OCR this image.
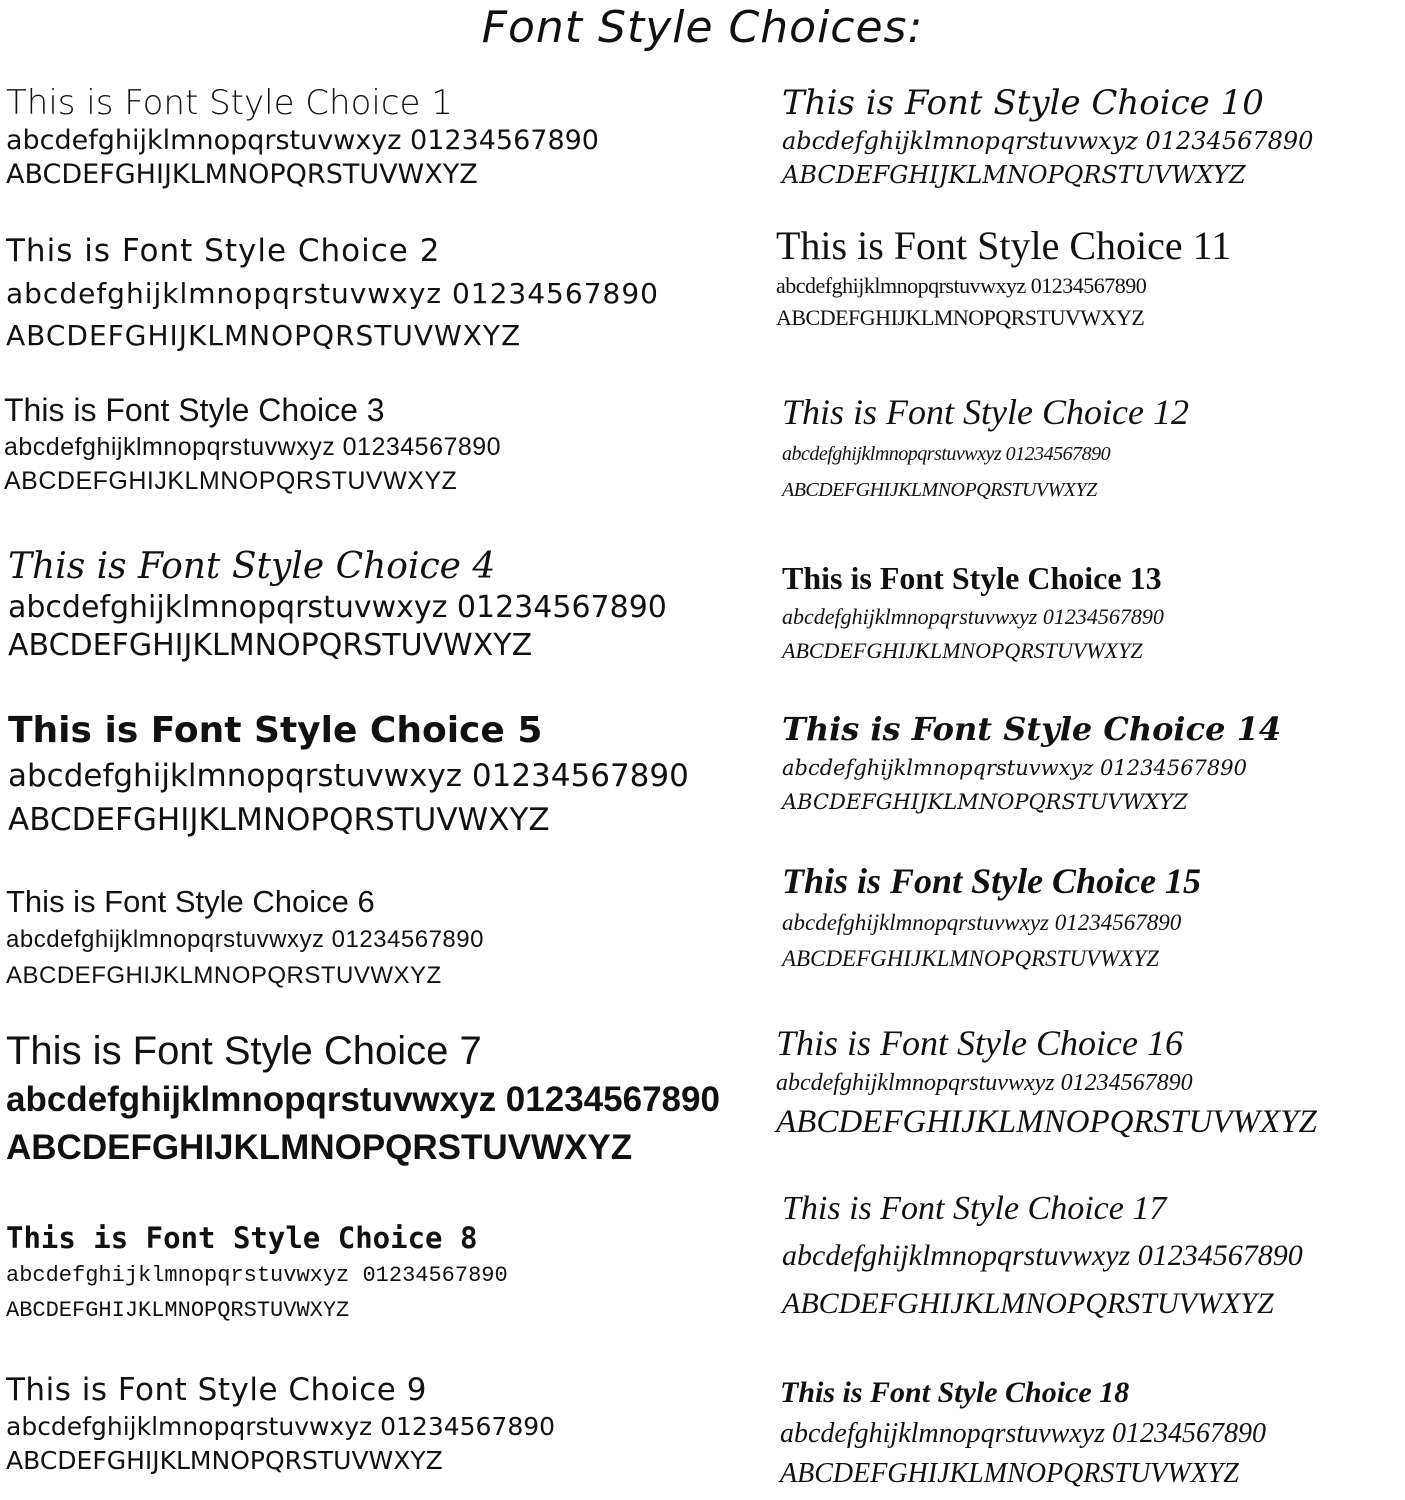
Font Style Choices:
This is Font Style Choice 1
abcdefghijklmnopqrstuvwxyz 01234567890
ABCDEFGHIJKLMNOPQRSTUVWXYZ
This is Font Style Choice 2
abcdefghijklmnopqrstuvwxyz 01234567890
ABCDEFGHIJKLMNOPQRSTUVWXYZ
This is Font Style Choice 3
abcdefghijklmnopqrstuvwxyz 01234567890
ABCDEFGHIJKLMNOPQRSTUVWXYZ
This is Font Style Choice 4
abcdefghijklmnopqrstuvwxyz 01234567890
ABCDEFGHIJKLMNOPQRSTUVWXYZ
This is Font Style Choice 5
abcdefghijklmnopqrstuvwxyz 01234567890
ABCDEFGHIJKLMNOPQRSTUVWXYZ
This is Font Style Choice 6
abcdefghijklmnopqrstuvwxyz 01234567890
ABCDEFGHIJKLMNOPQRSTUVWXYZ
This is Font Style Choice 7
abcdefghijklmnopqrstuvwxyz 01234567890
ABCDEFGHIJKLMNOPQRSTUVWXYZ
This is Font Style Choice 8
abcdefghijklmnopqrstuvwxyz 01234567890
ABCDEFGHIJKLMNOPQRSTUVWXYZ
This is Font Style Choice 9
abcdefghijklmnopqrstuvwxyz 01234567890
ABCDEFGHIJKLMNOPQRSTUVWXYZ
This is Font Style Choice 10
abcdefghijklmnopqrstuvwxyz 01234567890
ABCDEFGHIJKLMNOPQRSTUVWXYZ
This is Font Style Choice 11
abcdefghijklmnopqrstuvwxyz 01234567890
ABCDEFGHIJKLMNOPQRSTUVWXYZ
This is Font Style Choice 12
abcdefghijklmnopqrstuvwxyz 01234567890
ABCDEFGHIJKLMNOPQRSTUVWXYZ
This is Font Style Choice 13
abcdefghijklmnopqrstuvwxyz 01234567890
ABCDEFGHIJKLMNOPQRSTUVWXYZ
This is Font Style Choice 14
abcdefghijklmnopqrstuvwxyz 01234567890
ABCDEFGHIJKLMNOPQRSTUVWXYZ
This is Font Style Choice 15
abcdefghijklmnopqrstuvwxyz 01234567890
ABCDEFGHIJKLMNOPQRSTUVWXYZ
This is Font Style Choice 16
abcdefghijklmnopqrstuvwxyz 01234567890
ABCDEFGHIJKLMNOPQRSTUVWXYZ
This is Font Style Choice 17
abcdefghijklmnopqrstuvwxyz 01234567890
ABCDEFGHIJKLMNOPQRSTUVWXYZ
This is Font Style Choice 18
abcdefghijklmnopqrstuvwxyz 01234567890
ABCDEFGHIJKLMNOPQRSTUVWXYZ
